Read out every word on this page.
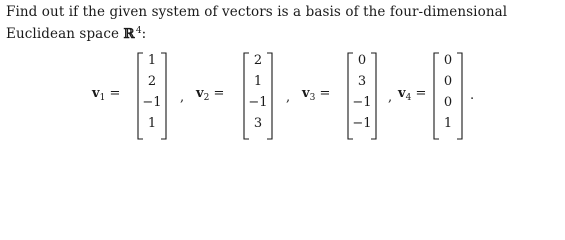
Find out if the given system of vectors is a basis of the four-dimensional Euclidean space ℝ$^4$:
$v_1$ =
1
2
−1
1
, $v_2$ =
2
1
−1
3
, $v_3$ =
0
3
−1
−1
, $v_4$ =
0
0
0
1
.
